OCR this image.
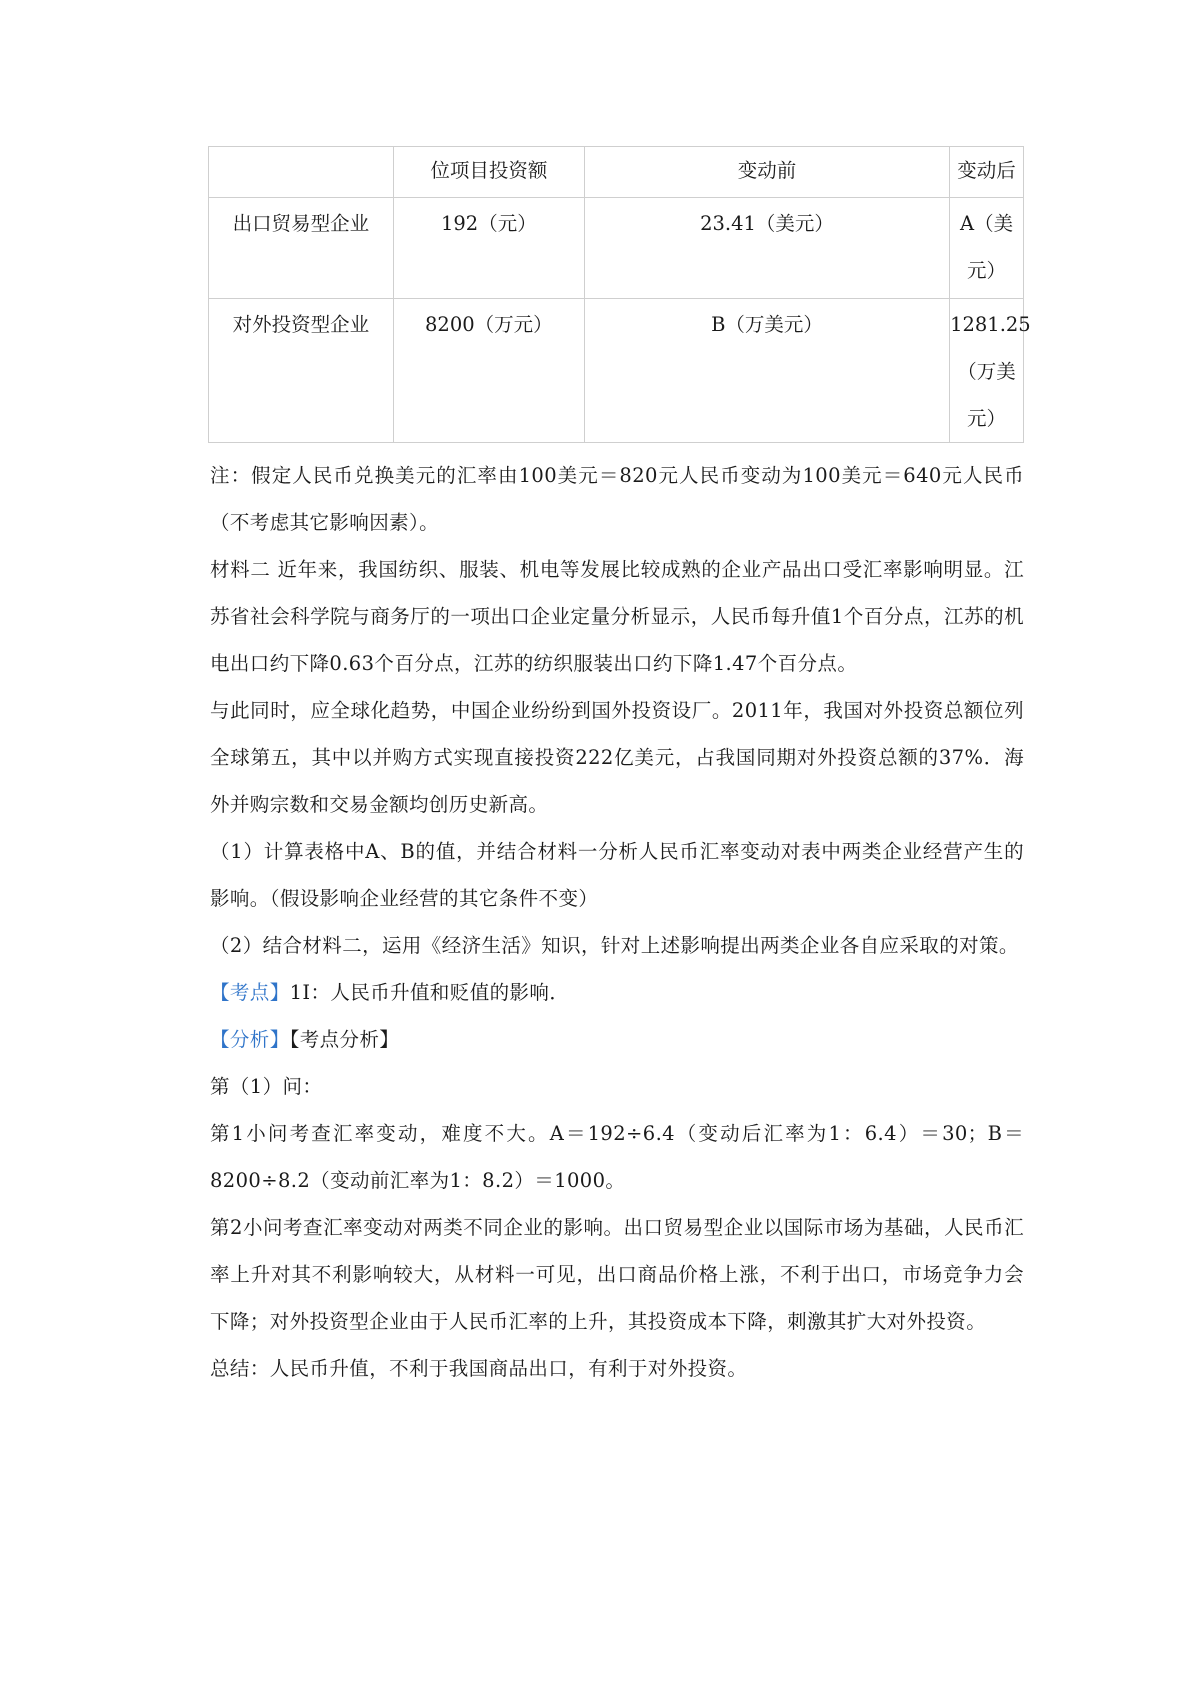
	位项目投资额	变动前	变动后
出口贸易型企业	192（元）	23.41（美元）	A（美
元）

对外投资型企业	8200（万元）	B（万美元）	1281.25
（万美
元）

注：假定人民币兑换美元的汇率由100美元＝820元人民币变动为100美元＝640元人民币（不考虑其它影响因素）。

材料二 近年来，我国纺织、服装、机电等发展比较成熟的企业产品出口受汇率影响明显。江苏省社会科学院与商务厅的一项出口企业定量分析显示，人民币每升值1个百分点，江苏的机电出口约下降0.63个百分点，江苏的纺织服装出口约下降1.47个百分点。

与此同时，应全球化趋势，中国企业纷纷到国外投资设厂。2011年，我国对外投资总额位列全球第五，其中以并购方式实现直接投资222亿美元，占我国同期对外投资总额的37%．海外并购宗数和交易金额均创历史新高。

（1）计算表格中A、B的值，并结合材料一分析人民币汇率变动对表中两类企业经营产生的影响。（假设影响企业经营的其它条件不变）

（2）结合材料二，运用《经济生活》知识，针对上述影响提出两类企业各自应采取的对策。

【考点】1I：人民币升值和贬值的影响．

【分析】【考点分析】

第（1）问：

第1小问考查汇率变动，难度不大。A＝192÷6.4（变动后汇率为1：6.4）＝30；B＝8200÷8.2（变动前汇率为1：8.2）＝1000。

第2小问考查汇率变动对两类不同企业的影响。出口贸易型企业以国际市场为基础，人民币汇率上升对其不利影响较大，从材料一可见，出口商品价格上涨，不利于出口，市场竞争力会下降；对外投资型企业由于人民币汇率的上升，其投资成本下降，刺激其扩大对外投资。

总结：人民币升值，不利于我国商品出口，有利于对外投资。
